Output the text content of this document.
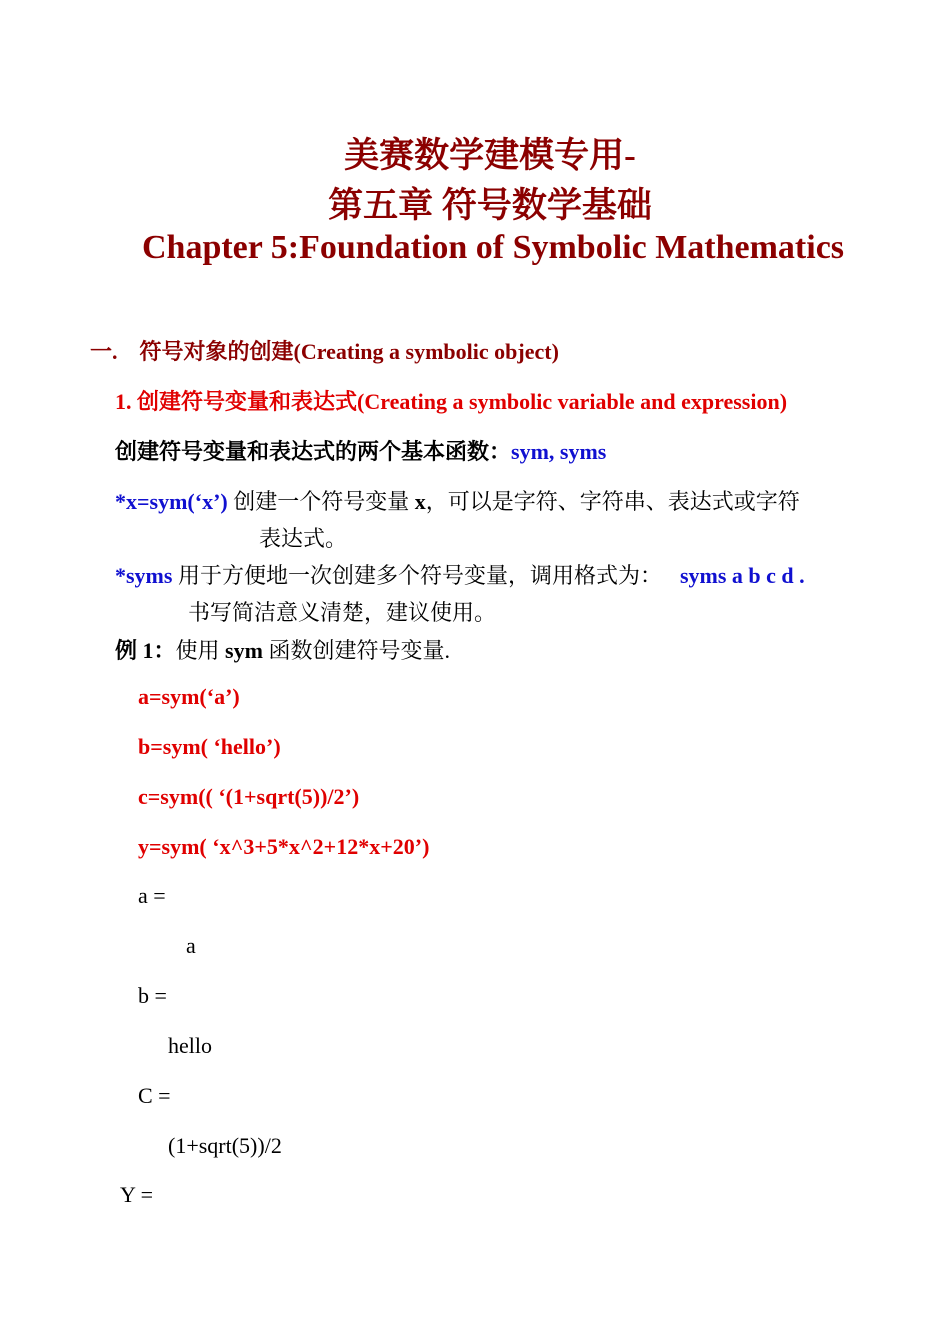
美赛数学建模专用-
第五章 符号数学基础
Chapter 5:Foundation of Symbolic Mathematics
一. 符号对象的创建(Creating a symbolic object)
1. 创建符号变量和表达式(Creating a symbolic variable and expression)
创建符号变量和表达式的两个基本函数：sym, syms
*x=sym(‘x’) 创建一个符号变量 x，可以是字符、字符串、表达式或字符
表达式。
*syms 用于方便地一次创建多个符号变量，调用格式为： syms a b c d .
书写简洁意义清楚，建议使用。
例 1：使用 sym 函数创建符号变量.
a=sym(‘a’)
b=sym( ‘hello’)
c=sym(( ‘(1+sqrt(5))/2’)
y=sym( ‘x^3+5*x^2+12*x+20’)
a =
a
b =
hello
C =
(1+sqrt(5))/2
Y =
